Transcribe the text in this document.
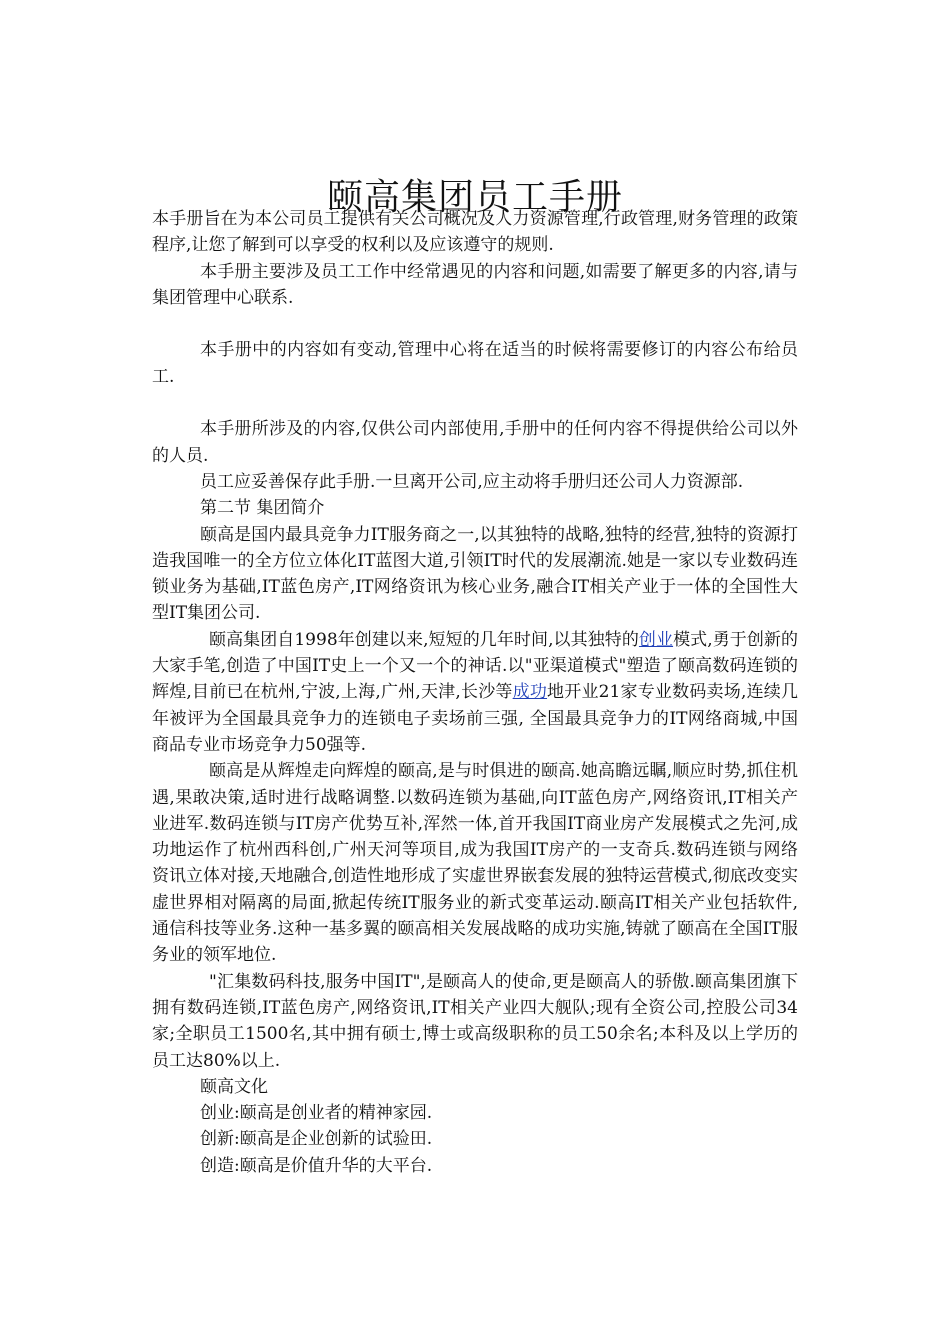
颐高集团员工手册

本手册旨在为本公司员工提供有关公司概况及人力资源管理,行政管理,财务管理的政策程序,让您了解到可以享受的权利以及应该遵守的规则.

本手册主要涉及员工工作中经常遇见的内容和问题,如需要了解更多的内容,请与集团管理中心联系.

本手册中的内容如有变动,管理中心将在适当的时候将需要修订的内容公布给员工.

本手册所涉及的内容,仅供公司内部使用,手册中的任何内容不得提供给公司以外的人员.

员工应妥善保存此手册.一旦离开公司,应主动将手册归还公司人力资源部.

第二节 集团简介

颐高是国内最具竞争力IT服务商之一,以其独特的战略,独特的经营,独特的资源打造我国唯一的全方位立体化IT蓝图大道,引领IT时代的发展潮流.她是一家以专业数码连锁业务为基础,IT蓝色房产,IT网络资讯为核心业务,融合IT相关产业于一体的全国性大型IT集团公司.

颐高集团自1998年创建以来,短短的几年时间,以其独特的创业模式,勇于创新的大家手笔,创造了中国IT史上一个又一个的神话.以"亚渠道模式"塑造了颐高数码连锁的辉煌,目前已在杭州,宁波,上海,广州,天津,长沙等成功地开业21家专业数码卖场,连续几年被评为全国最具竞争力的连锁电子卖场前三强, 全国最具竞争力的IT网络商城,中国商品专业市场竞争力50强等.

颐高是从辉煌走向辉煌的颐高,是与时俱进的颐高.她高瞻远瞩,顺应时势,抓住机遇,果敢决策,适时进行战略调整.以数码连锁为基础,向IT蓝色房产,网络资讯,IT相关产业进军.数码连锁与IT房产优势互补,浑然一体,首开我国IT商业房产发展模式之先河,成功地运作了杭州西科创,广州天河等项目,成为我国IT房产的一支奇兵.数码连锁与网络资讯立体对接,天地融合,创造性地形成了实虚世界嵌套发展的独特运营模式,彻底改变实虚世界相对隔离的局面,掀起传统IT服务业的新式变革运动.颐高IT相关产业包括软件,通信科技等业务.这种一基多翼的颐高相关发展战略的成功实施,铸就了颐高在全国IT服务业的领军地位.

"汇集数码科技,服务中国IT",是颐高人的使命,更是颐高人的骄傲.颐高集团旗下拥有数码连锁,IT蓝色房产,网络资讯,IT相关产业四大舰队;现有全资公司,控股公司34家;全职员工1500名,其中拥有硕士,博士或高级职称的员工50余名;本科及以上学历的员工达80%以上.

颐高文化

创业:颐高是创业者的精神家园.

创新:颐高是企业创新的试验田.

创造:颐高是价值升华的大平台.
